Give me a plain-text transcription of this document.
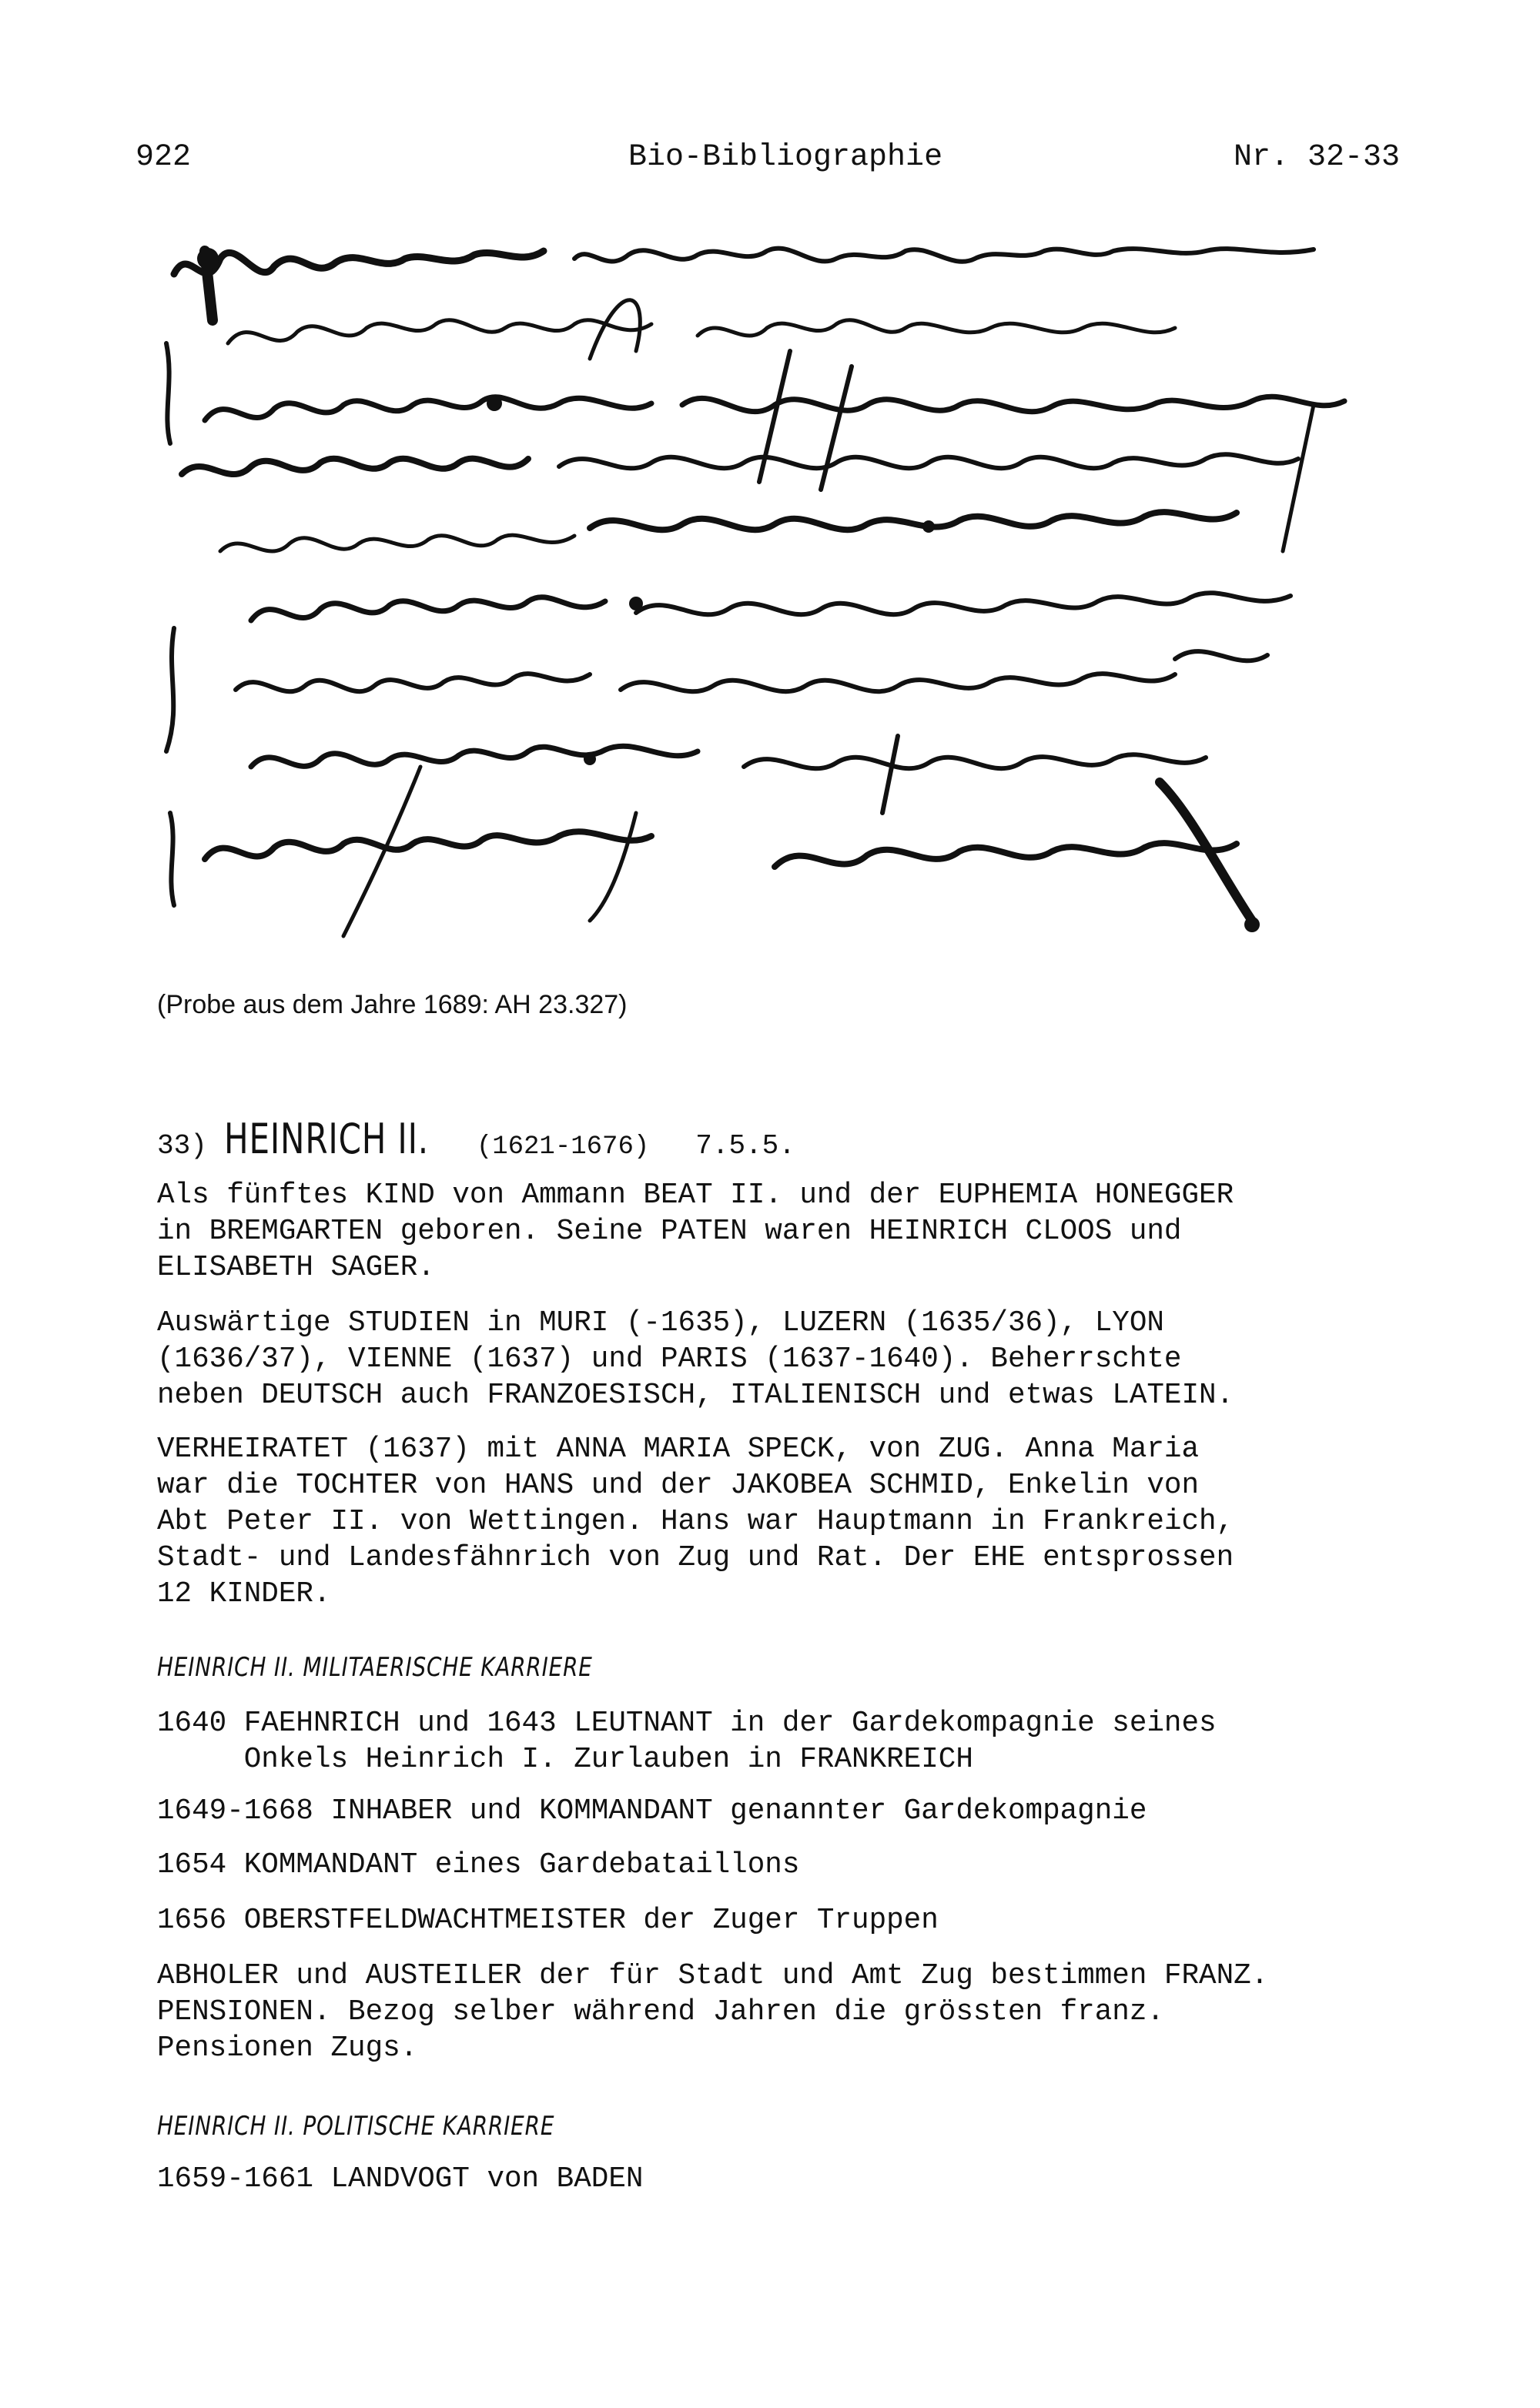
922	Bio-Bibliographie	Nr. 32-33

(Probe aus dem Jahre 1689: AH 23.327)

33) HEINRICH II. (1621-1676) 7.5.5.

Als fünftes KIND von Ammann BEAT II. und der EUPHEMIA HONEGGER
in BREMGARTEN geboren. Seine PATEN waren HEINRICH CLOOS und
ELISABETH SAGER.

Auswärtige STUDIEN in MURI (-1635), LUZERN (1635/36), LYON
(1636/37), VIENNE (1637) und PARIS (1637-1640). Beherrschte
neben DEUTSCH auch FRANZOESISCH, ITALIENISCH und etwas LATEIN.

VERHEIRATET (1637) mit ANNA MARIA SPECK, von ZUG. Anna Maria
war die TOCHTER von HANS und der JAKOBEA SCHMID, Enkelin von
Abt Peter II. von Wettingen. Hans war Hauptmann in Frankreich,
Stadt- und Landesfähnrich von Zug und Rat. Der EHE entsprossen
12 KINDER.

HEINRICH II. MILITAERISCHE KARRIERE

1640 FAEHNRICH und 1643 LEUTNANT in der Gardekompagnie seines
Onkels Heinrich I. Zurlauben in FRANKREICH

1649-1668 INHABER und KOMMANDANT genannter Gardekompagnie

1654 KOMMANDANT eines Gardebataillons

1656 OBERSTFELDWACHTMEISTER der Zuger Truppen

ABHOLER und AUSTEILER der für Stadt und Amt Zug bestimmen FRANZ.
PENSIONEN. Bezog selber während Jahren die grössten franz.
Pensionen Zugs.

HEINRICH II. POLITISCHE KARRIERE

1659-1661 LANDVOGT von BADEN
